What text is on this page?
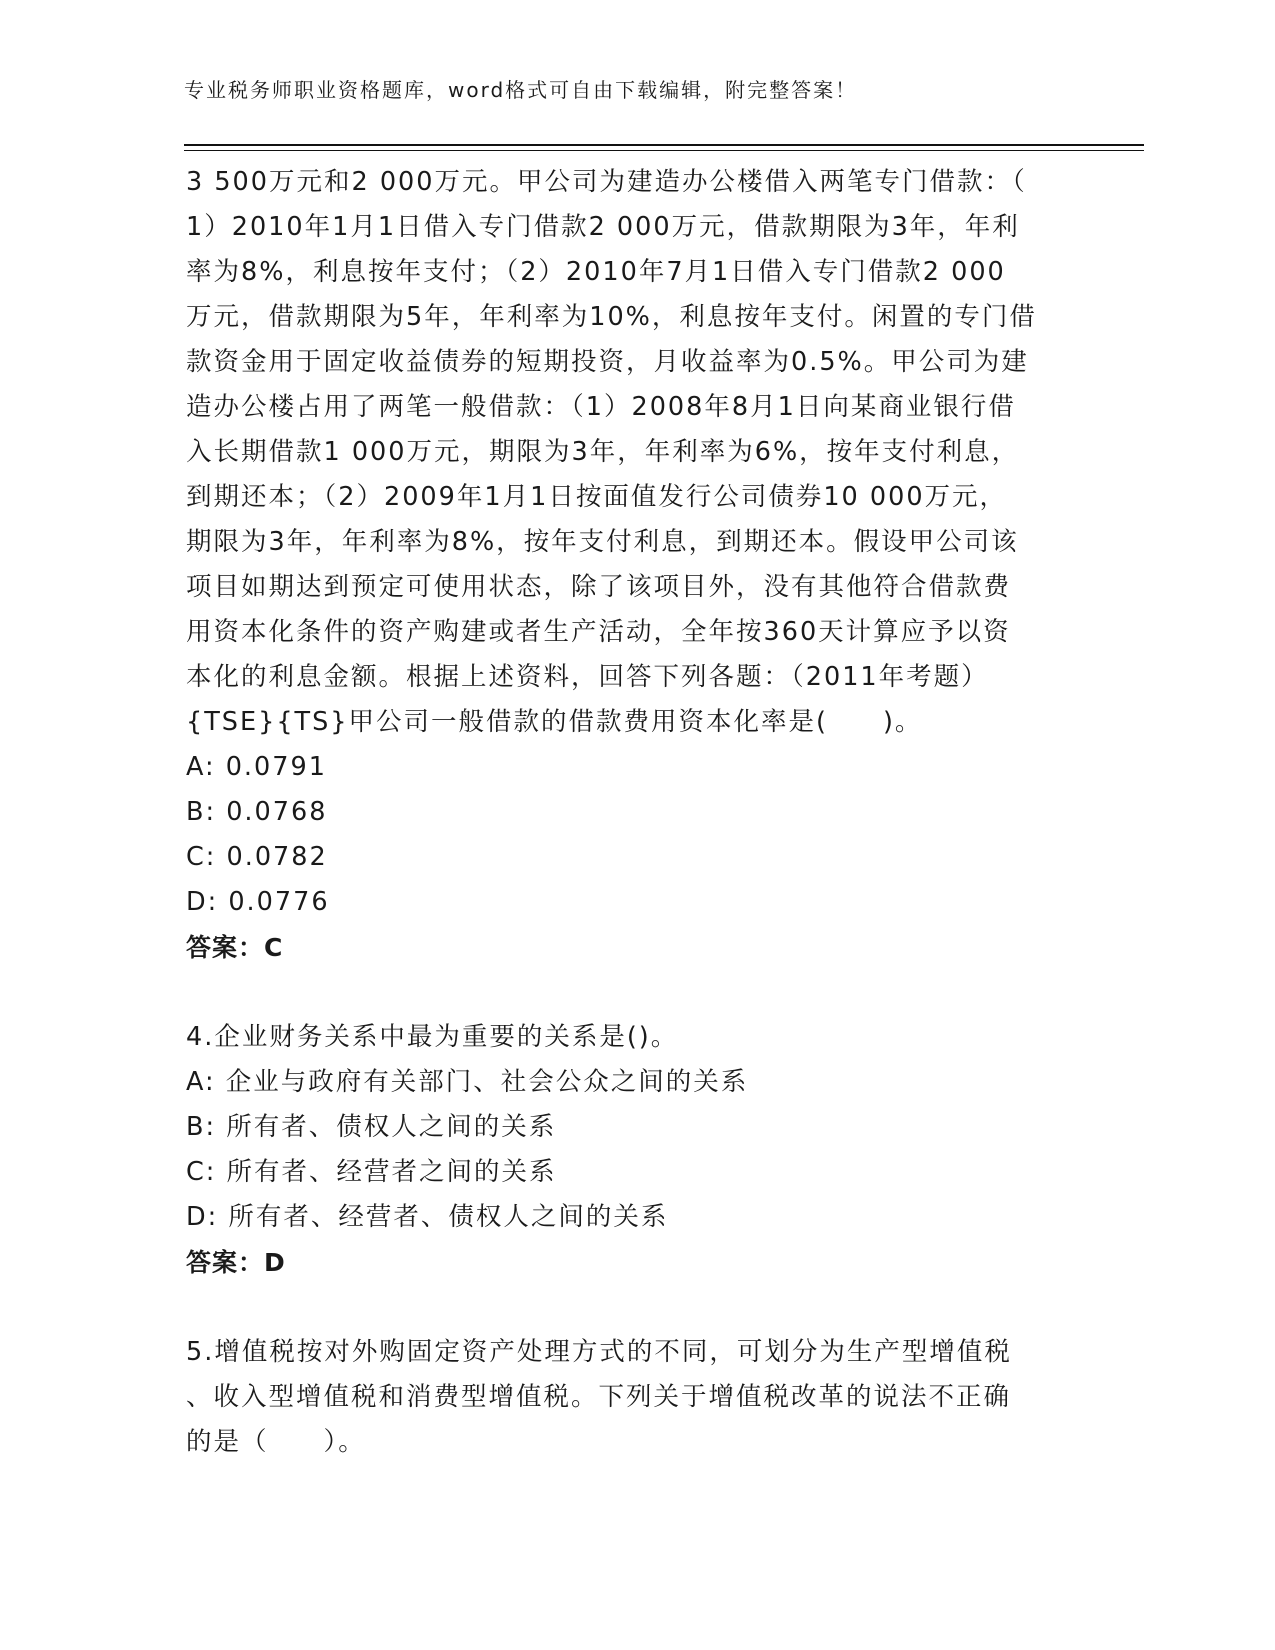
专业税务师职业资格题库，word格式可自由下载编辑，附完整答案！
3 500万元和2 000万元。甲公司为建造办公楼借入两笔专门借款：（
1）2010年1月1日借入专门借款2 000万元，借款期限为3年，年利
率为8%，利息按年支付；（2）2010年7月1日借入专门借款2 000
万元，借款期限为5年，年利率为10%，利息按年支付。闲置的专门借
款资金用于固定收益债券的短期投资，月收益率为0.5%。甲公司为建
造办公楼占用了两笔一般借款：（1）2008年8月1日向某商业银行借
入长期借款1 000万元，期限为3年，年利率为6%，按年支付利息，
到期还本；（2）2009年1月1日按面值发行公司债券10 000万元，
期限为3年，年利率为8%，按年支付利息，到期还本。假设甲公司该
项目如期达到预定可使用状态，除了该项目外，没有其他符合借款费
用资本化条件的资产购建或者生产活动，全年按360天计算应予以资
本化的利息金额。根据上述资料，回答下列各题：（2011年考题）
{TSE}{TS}甲公司一般借款的借款费用资本化率是(　　)。
A: 0.0791
B: 0.0768
C: 0.0782
D: 0.0776
答案：C
4.企业财务关系中最为重要的关系是()。
A: 企业与政府有关部门、社会公众之间的关系
B: 所有者、债权人之间的关系
C: 所有者、经营者之间的关系
D: 所有者、经营者、债权人之间的关系
答案：D
5.增值税按对外购固定资产处理方式的不同，可划分为生产型增值税
、收入型增值税和消费型增值税。下列关于增值税改革的说法不正确
的是（　　）。
